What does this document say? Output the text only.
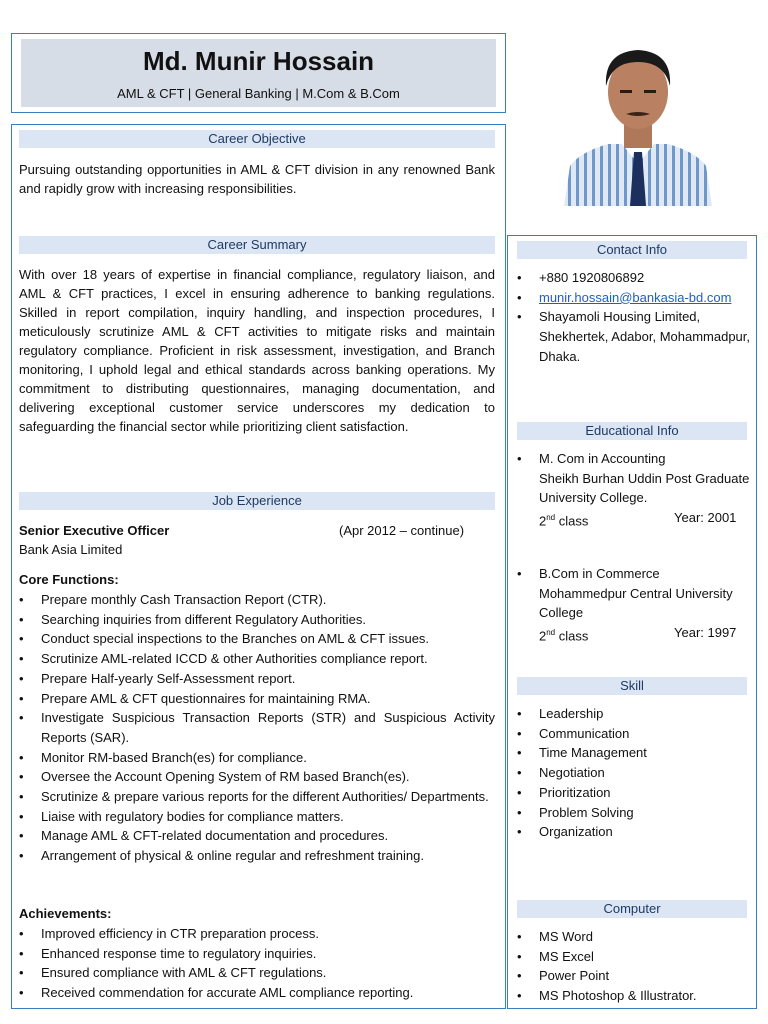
Md. Munir Hossain
AML & CFT | General Banking | M.Com & B.Com
Career Objective

Pursuing outstanding opportunities in AML & CFT division in any renowned Bank and rapidly grow with increasing responsibilities.

Career Summary

With over 18 years of expertise in financial compliance, regulatory liaison, and AML & CFT practices, I excel in ensuring adherence to banking regulations. Skilled in report compilation, inquiry handling, and inspection procedures, I meticulously scrutinize AML & CFT activities to mitigate risks and maintain regulatory compliance. Proficient in risk assessment, investigation, and Branch monitoring, I uphold legal and ethical standards across banking operations. My commitment to distributing questionnaires, managing documentation, and delivering exceptional customer service underscores my dedication to safeguarding the financial sector while prioritizing client satisfaction.

Job Experience
Senior Executive Officer	(Apr 2012 – continue)
Bank Asia Limited
Core Functions:
• Prepare monthly Cash Transaction Report (CTR).
• Searching inquiries from different Regulatory Authorities.
• Conduct special inspections to the Branches on AML & CFT issues.
• Scrutinize AML-related ICCD & other Authorities compliance report.
• Prepare Half-yearly Self-Assessment report.
• Prepare AML & CFT questionnaires for maintaining RMA.
• Investigate Suspicious Transaction Reports (STR) and Suspicious Activity Reports (SAR).
• Monitor RM-based Branch(es) for compliance.
• Oversee the Account Opening System of RM based Branch(es).
• Scrutinize & prepare various reports for the different Authorities/ Departments.
• Liaise with regulatory bodies for compliance matters.
• Manage AML & CFT-related documentation and procedures.
• Arrangement of physical & online regular and refreshment training.
Achievements:
• Improved efficiency in CTR preparation process.
• Enhanced response time to regulatory inquiries.
• Ensured compliance with AML & CFT regulations.
• Received commendation for accurate AML compliance reporting.
Contact Info
• +880 1920806892
• munir.hossain@bankasia-bd.com
• Shayamoli Housing Limited, Shekhertek, Adabor, Mohammadpur, Dhaka.
Educational Info
• M. Com in Accounting
Sheikh Burhan Uddin Post Graduate University College.
2nd class	Year: 2001
• B.Com in Commerce
Mohammedpur Central University College
2nd class	Year: 1997
Skill
• Leadership
• Communication
• Time Management
• Negotiation
• Prioritization
• Problem Solving
• Organization
Computer
• MS Word
• MS Excel
• Power Point
• MS Photoshop & Illustrator.
